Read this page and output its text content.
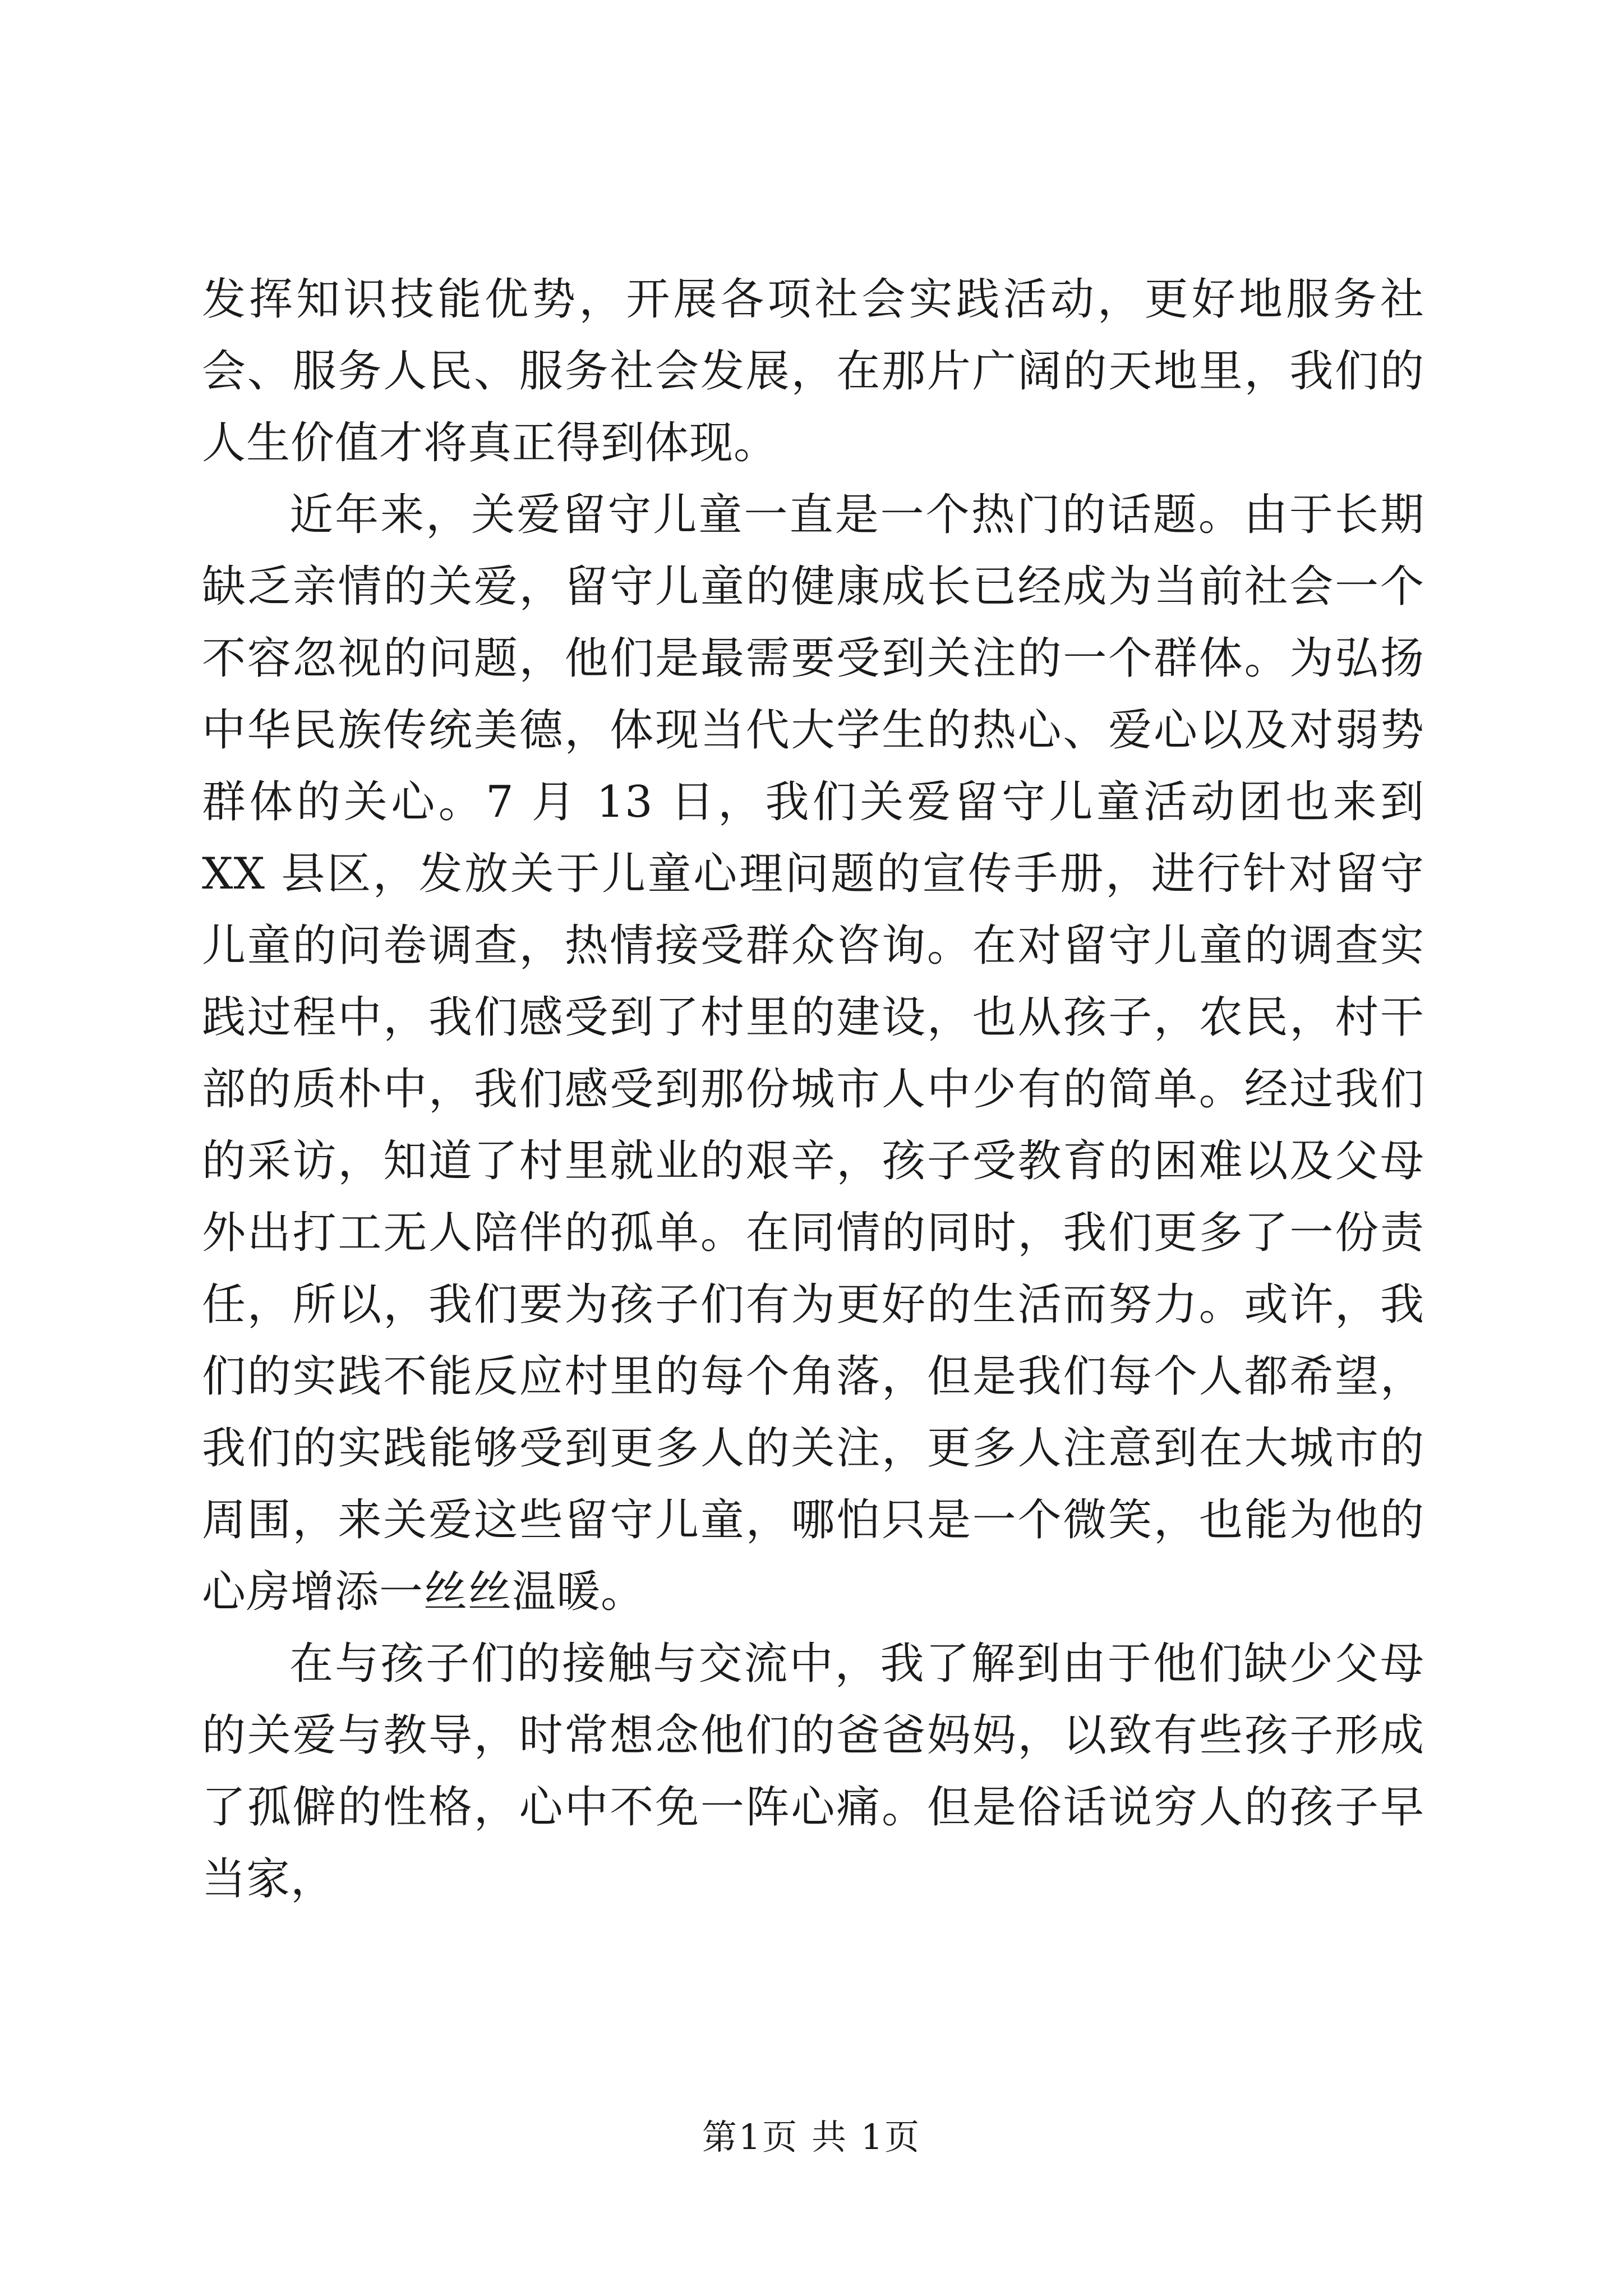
发挥知识技能优势，开展各项社会实践活动，更好地服务社会、服务人民、服务社会发展，在那片广阔的天地里，我们的人生价值才将真正得到体现。

近年来，关爱留守儿童一直是一个热门的话题。由于长期缺乏亲情的关爱，留守儿童的健康成长已经成为当前社会一个不容忽视的问题，他们是最需要受到关注的一个群体。为弘扬中华民族传统美德，体现当代大学生的热心、爱心以及对弱势群体的关心。7 月 13 日，我们关爱留守儿童活动团也来到 XX 县区，发放关于儿童心理问题的宣传手册，进行针对留守儿童的问卷调查，热情接受群众咨询。在对留守儿童的调查实践过程中，我们感受到了村里的建设，也从孩子，农民，村干部的质朴中，我们感受到那份城市人中少有的简单。经过我们的采访，知道了村里就业的艰辛，孩子受教育的困难以及父母外出打工无人陪伴的孤单。在同情的同时，我们更多了一份责任，所以，我们要为孩子们有为更好的生活而努力。或许，我们的实践不能反应村里的每个角落，但是我们每个人都希望，我们的实践能够受到更多人的关注，更多人注意到在大城市的周围，来关爱这些留守儿童，哪怕只是一个微笑，也能为他的心房增添一丝丝温暖。

在与孩子们的接触与交流中，我了解到由于他们缺少父母的关爱与教导，时常想念他们的爸爸妈妈，以致有些孩子形成了孤僻的性格，心中不免一阵心痛。但是俗话说穷人的孩子早当家，

第1页 共 1页
